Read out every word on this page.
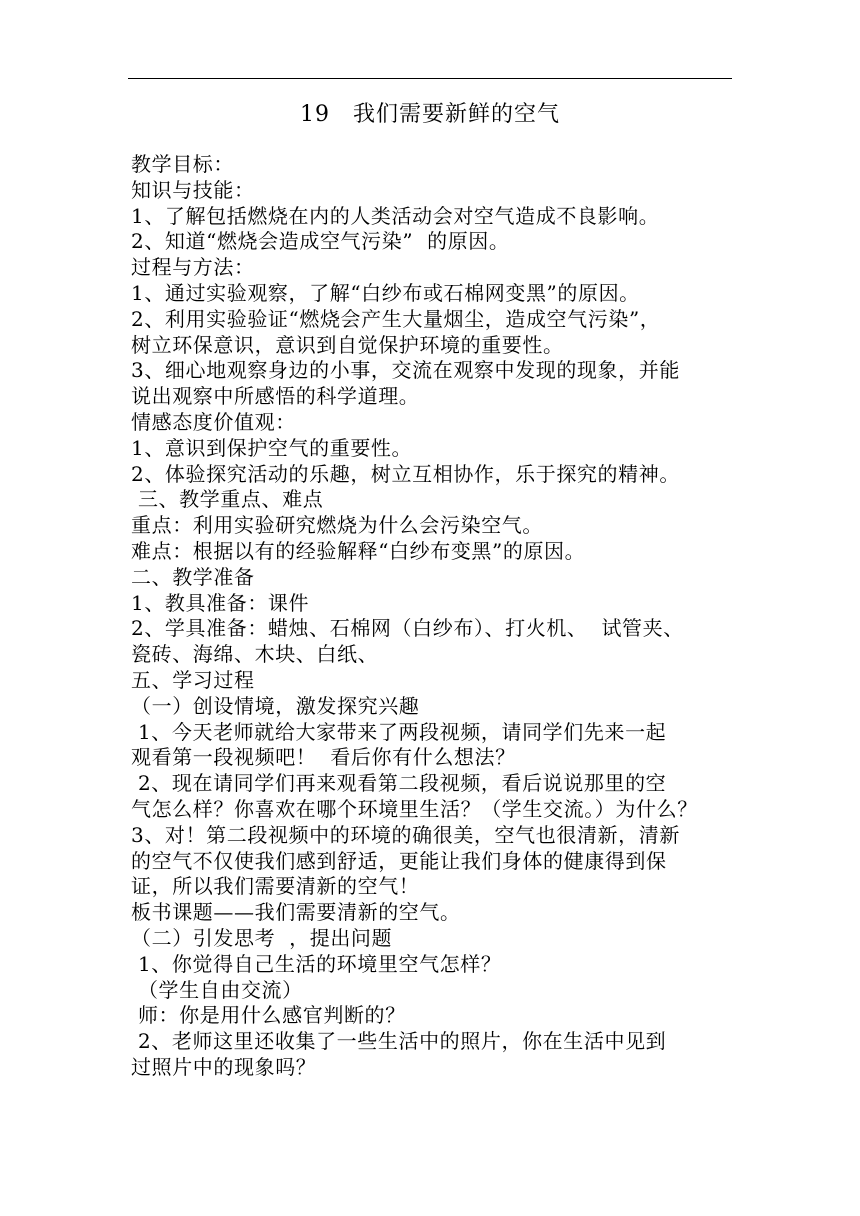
19　我们需要新鲜的空气
教学目标：
知识与技能：
1、了解包括燃烧在内的人类活动会对空气造成不良影响。
2、知道“燃烧会造成空气污染”  的原因。
过程与方法：
1、通过实验观察，了解“白纱布或石棉网变黑”的原因。
2、利用实验验证“燃烧会产生大量烟尘，造成空气污染”，
树立环保意识，意识到自觉保护环境的重要性。
3、细心地观察身边的小事，交流在观察中发现的现象，并能
说出观察中所感悟的科学道理。
情感态度价值观：
1、意识到保护空气的重要性。
2、体验探究活动的乐趣，树立互相协作，乐于探究的精神。
三、教学重点、难点
重点：利用实验研究燃烧为什么会污染空气。
难点：根据以有的经验解释“白纱布变黑”的原因。
二、教学准备
1、教具准备：课件
2、学具准备：蜡烛、石棉网（白纱布）、打火机、  试管夹、
瓷砖、海绵、木块、白纸、
五、学习过程
（一）创设情境，激发探究兴趣
1、今天老师就给大家带来了两段视频，请同学们先来一起
观看第一段视频吧！  看后你有什么想法？
2、现在请同学们再来观看第二段视频，看后说说那里的空
气怎么样？你喜欢在哪个环境里生活？（学生交流。）为什么？
3、对！第二段视频中的环境的确很美，空气也很清新，清新
的空气不仅使我们感到舒适，更能让我们身体的健康得到保
证，所以我们需要清新的空气！
板书课题——我们需要清新的空气。
（二）引发思考  ，提出问题
1、你觉得自己生活的环境里空气怎样？
（学生自由交流）
师：你是用什么感官判断的？
2、老师这里还收集了一些生活中的照片，你在生活中见到
过照片中的现象吗？
